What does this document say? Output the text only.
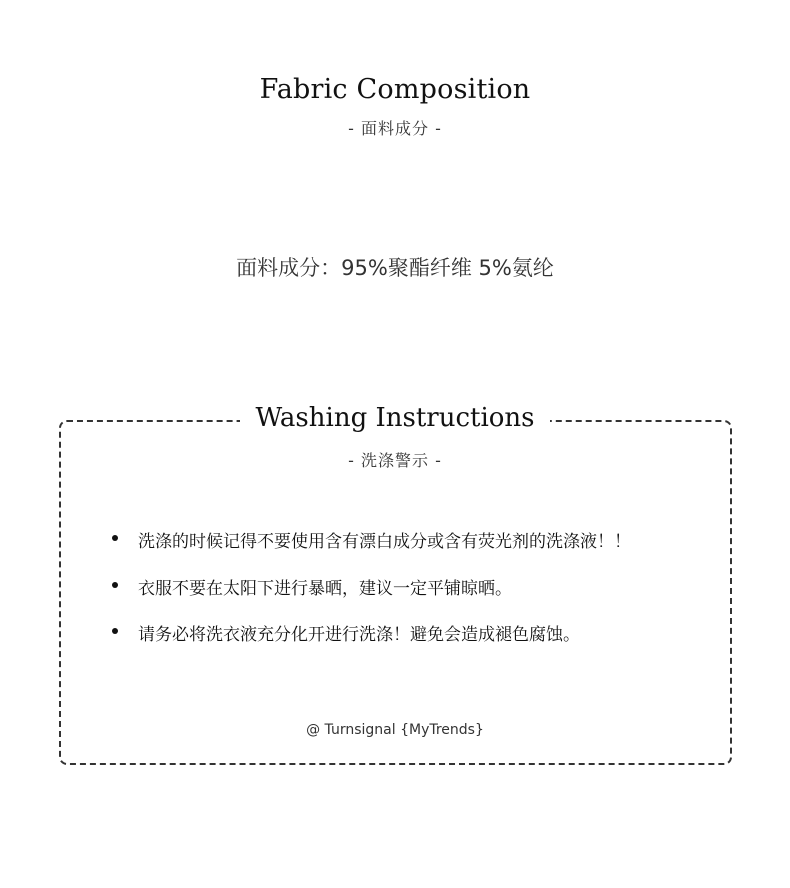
Fabric Composition
- 面料成分 -
面料成分：95%聚酯纤维 5%氨纶
Washing Instructions
- 洗涤警示 -
洗涤的时候记得不要使用含有漂白成分或含有荧光剂的洗涤液！！
衣服不要在太阳下进行暴晒，建议一定平铺晾晒。
请务必将洗衣液充分化开进行洗涤！避免会造成褪色腐蚀。
@ Turnsignal {MyTrends}
